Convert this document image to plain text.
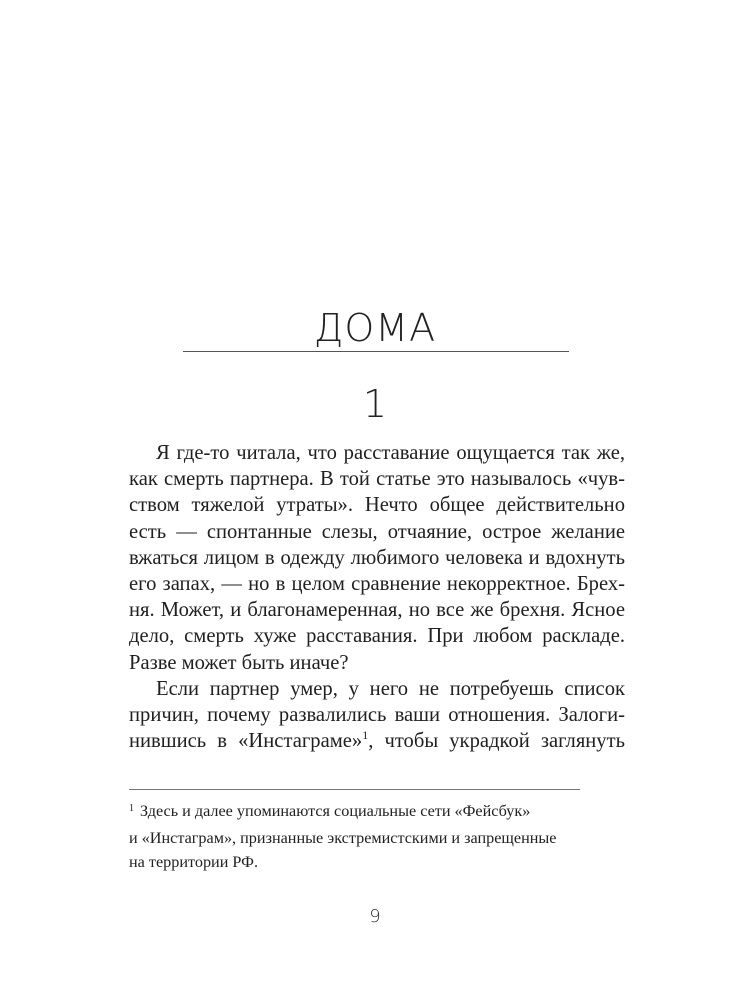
ДОМА
1
Я где-то читала, что расставание ощущается так же,
как смерть партнера. В той статье это называлось «чув-
ством тяжелой утраты». Нечто общее действительно
есть — спонтанные слезы, отчаяние, острое желание
вжаться лицом в одежду любимого человека и вдохнуть
его запах, — но в целом сравнение некорректное. Брех-
ня. Может, и благонамеренная, но все же брехня. Ясное
дело, смерть хуже расставания. При любом раскладе.
Разве может быть иначе?
Если партнер умер, у него не потребуешь список
причин, почему развалились ваши отношения. Залоги-
нившись в «Инстаграме»$^1$, чтобы украдкой заглянуть
$^1$ Здесь и далее упоминаются социальные сети «Фейсбук»
и «Инстаграм», признанные экстремистскими и запрещенные
на территории РФ.
9
